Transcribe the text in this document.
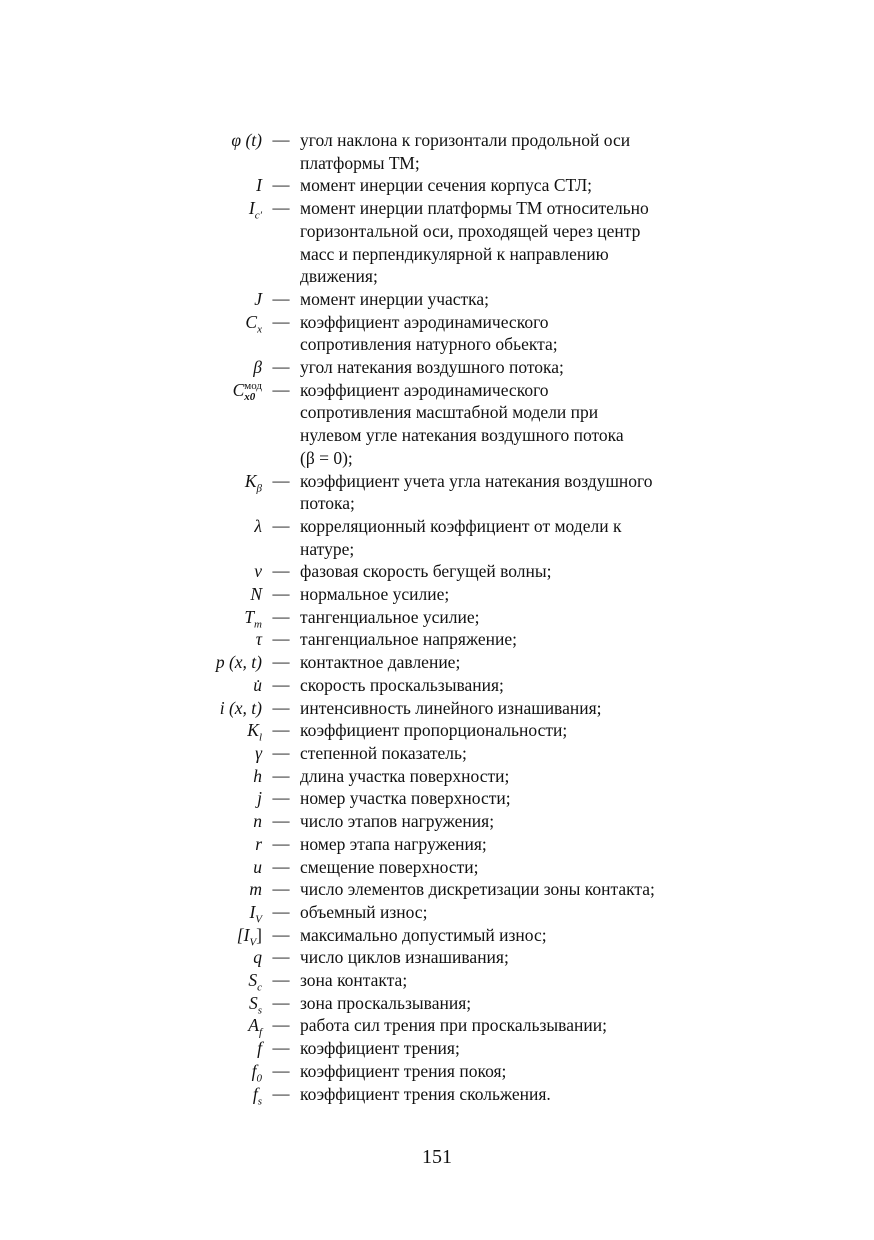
φ (t) — угол наклона к горизонтали продольной оси
платформы ТМ;
I — момент инерции сечения корпуса СТЛ;
$I_{c'}$ — момент инерции платформы ТМ относительно
горизонтальной оси, проходящей через центр
масс и перпендикулярной к направлению
движения;
J — момент инерции участка;
$C_x$ — коэффициент аэродинамического
сопротивления натурного обьекта;
β — угол натекания воздушного потока;
C мод
x0	— коэффициент аэродинамического
сопротивления масштабной модели при
нулевом угле натекания воздушного потока
(β = 0);
$K_\beta$ — коэффициент учета угла натекания воздушного
потока;
λ — корреляционный коэффициент от модели к
натуре;
ν — фазовая скорость бегущей волны;
N — нормальное усилие;
$T_т$ — тангенциальное усилие;
τ — тангенциальное напряжение;
p (x, t) — контактное давление;
u̇ — скорость проскальзывания;
i (x, t) — интенсивность линейного изнашивания;
$K_l$ — коэффициент пропорциональности;
γ — степенной показатель;
h — длина участка поверхности;
j — номер участка поверхности;
n — число этапов нагружения;
r — номер этапа нагружения;
u — смещение поверхности;
m — число элементов дискретизации зоны контакта;
$I_V$ — объемный износ;
$[I_V]$ — максимально допустимый износ;
q — число циклов изнашивания;
$S_c$ — зона контакта;
$S_s$ — зона проскальзывания;
$A_f$ — работа сил трения при проскальзывании;
f — коэффициент трения;
$f_0$ — коэффициент трения покоя;
$f_s$ — коэффициент трения скольжения.
151
